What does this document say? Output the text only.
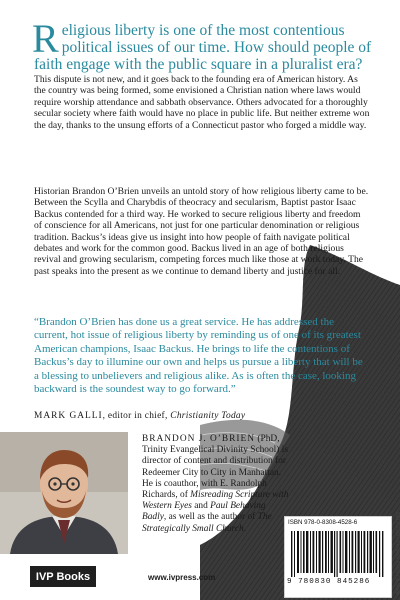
Religious liberty is one of the most contentious political issues of our time. How should people of faith engage with the public square in a pluralist era?

This dispute is not new, and it goes back to the founding era of American history. As the country was being formed, some envisioned a Christian nation where laws would require worship attendance and sabbath observance. Others advocated for a thoroughly secular society where faith would have no place in public life. But neither extreme won the day, thanks to the unsung efforts of a Connecticut pastor who forged a middle way.

Historian Brandon O’Brien unveils an untold story of how religious liberty came to be. Between the Scylla and Charybdis of theocracy and secularism, Baptist pastor Isaac Backus contended for a third way. He worked to secure religious liberty and freedom of conscience for all Americans, not just for one particular denomination or religious tradition. Backus’s ideas give us insight into how people of faith navigate political debates and work for the common good. Backus lived in an age of both religious revival and growing secularism, competing forces much like those at work today. The past speaks into the present as we continue to demand liberty and justice for all.

“Brandon O’Brien has done us a great service. He has addressed the current, hot issue of religious liberty by reminding us of one of its greatest American champions, Isaac Backus. He brings to life the contentions of Backus’s day to illumine our own and helps us pursue a liberty that will be a blessing to unbelievers and religious alike. As is often the case, looking backward is the soundest way to go forward.”

MARK GALLI, editor in chief, Christianity Today

BRANDON J. O’BRIEN (PhD, Trinity Evangelical Divinity School) is director of content and distribution for Redeemer City to City in Manhattan. He is coauthor, with E. Randolph Richards, of Misreading Scripture with Western Eyes and Paul Behaving Badly, as well as the author of The Strategically Small Church.

ISBN 978-0-8308-4528-6
9 780830 845286	RELIGION / Religion, Politics & State
IVP Books	www.ivpress.com
